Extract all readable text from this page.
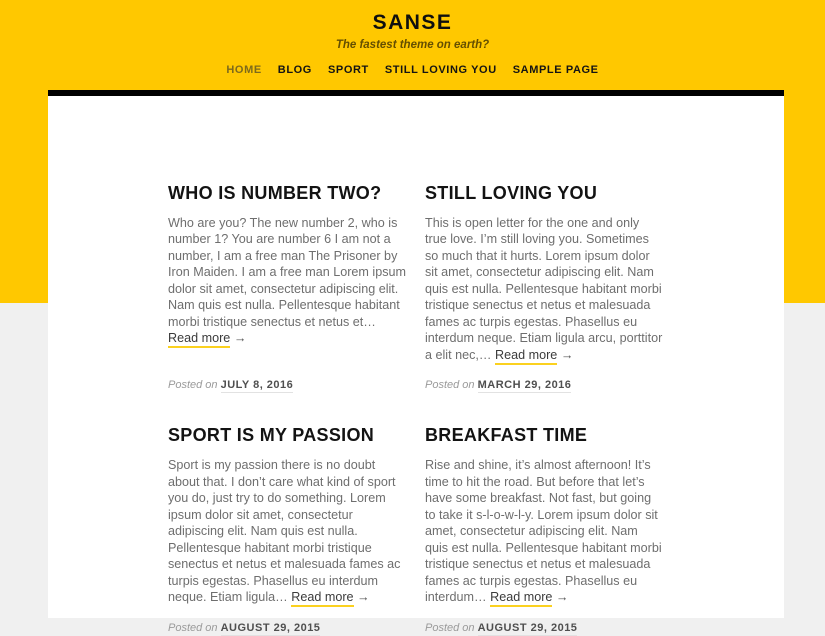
SANSE
The fastest theme on earth?
HOME BLOG SPORT STILL LOVING YOU SAMPLE PAGE
WHO IS NUMBER TWO?

Who are you? The new number 2, who is number 1? You are number 6 I am not a number, I am a free man The Prisoner by Iron Maiden. I am a free man Lorem ipsum dolor sit amet, consectetur adipiscing elit. Nam quis est nulla. Pellentesque habitant morbi tristique senectus et netus et… Read more →

Posted on JULY 8, 2016
STILL LOVING YOU

This is open letter for the one and only true love. I’m still loving you. Sometimes so much that it hurts. Lorem ipsum dolor sit amet, consectetur adipiscing elit. Nam quis est nulla. Pellentesque habitant morbi tristique senectus et netus et malesuada fames ac turpis egestas. Phasellus eu interdum neque. Etiam ligula arcu, porttitor a elit nec,… Read more →

Posted on MARCH 29, 2016
SPORT IS MY PASSION

Sport is my passion there is no doubt about that. I don’t care what kind of sport you do, just try to do something. Lorem ipsum dolor sit amet, consectetur adipiscing elit. Nam quis est nulla. Pellentesque habitant morbi tristique senectus et netus et malesuada fames ac turpis egestas. Phasellus eu interdum neque. Etiam ligula… Read more →

Posted on AUGUST 29, 2015
BREAKFAST TIME

Rise and shine, it’s almost afternoon! It’s time to hit the road. But before that let’s have some breakfast. Not fast, but going to take it s-l-o-w-l-y. Lorem ipsum dolor sit amet, consectetur adipiscing elit. Nam quis est nulla. Pellentesque habitant morbi tristique senectus et netus et malesuada fames ac turpis egestas. Phasellus eu interdum… Read more →

Posted on AUGUST 29, 2015
